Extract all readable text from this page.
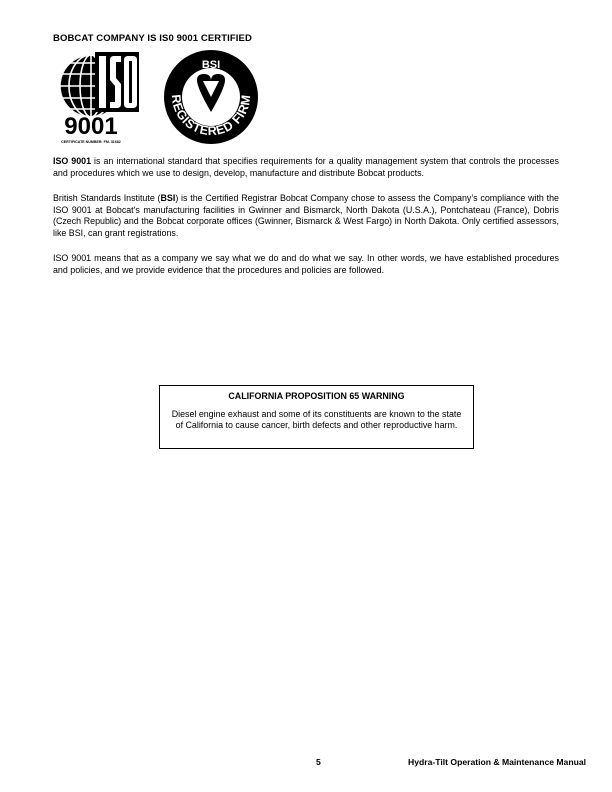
BOBCAT COMPANY IS IS0 9001 CERTIFIED
9001
CERTIFICATE NUMBER: FM. 31682
BSI
REGISTERED FIRM

ISO 9001 is an international standard that specifies requirements for a quality management system that controls the processes and procedures which we use to design, develop, manufacture and distribute Bobcat products.

British Standards Institute (BSI) is the Certified Registrar Bobcat Company chose to assess the Company’s compliance with the ISO 9001 at Bobcat's manufacturing facilities in Gwinner and Bismarck, North Dakota (U.S.A.), Pontchateau (France), Dobris (Czech Republic) and the Bobcat corporate offices (Gwinner, Bismarck & West Fargo) in North Dakota. Only certified assessors, like BSI, can grant registrations.

ISO 9001 means that as a company we say what we do and do what we say. In other words, we have established procedures and policies, and we provide evidence that the procedures and policies are followed.

CALIFORNIA PROPOSITION 65 WARNING
Diesel engine exhaust and some of its constituents are known to the state of California to cause cancer, birth defects and other reproductive harm.
5	Hydra-Tilt Operation & Maintenance Manual
